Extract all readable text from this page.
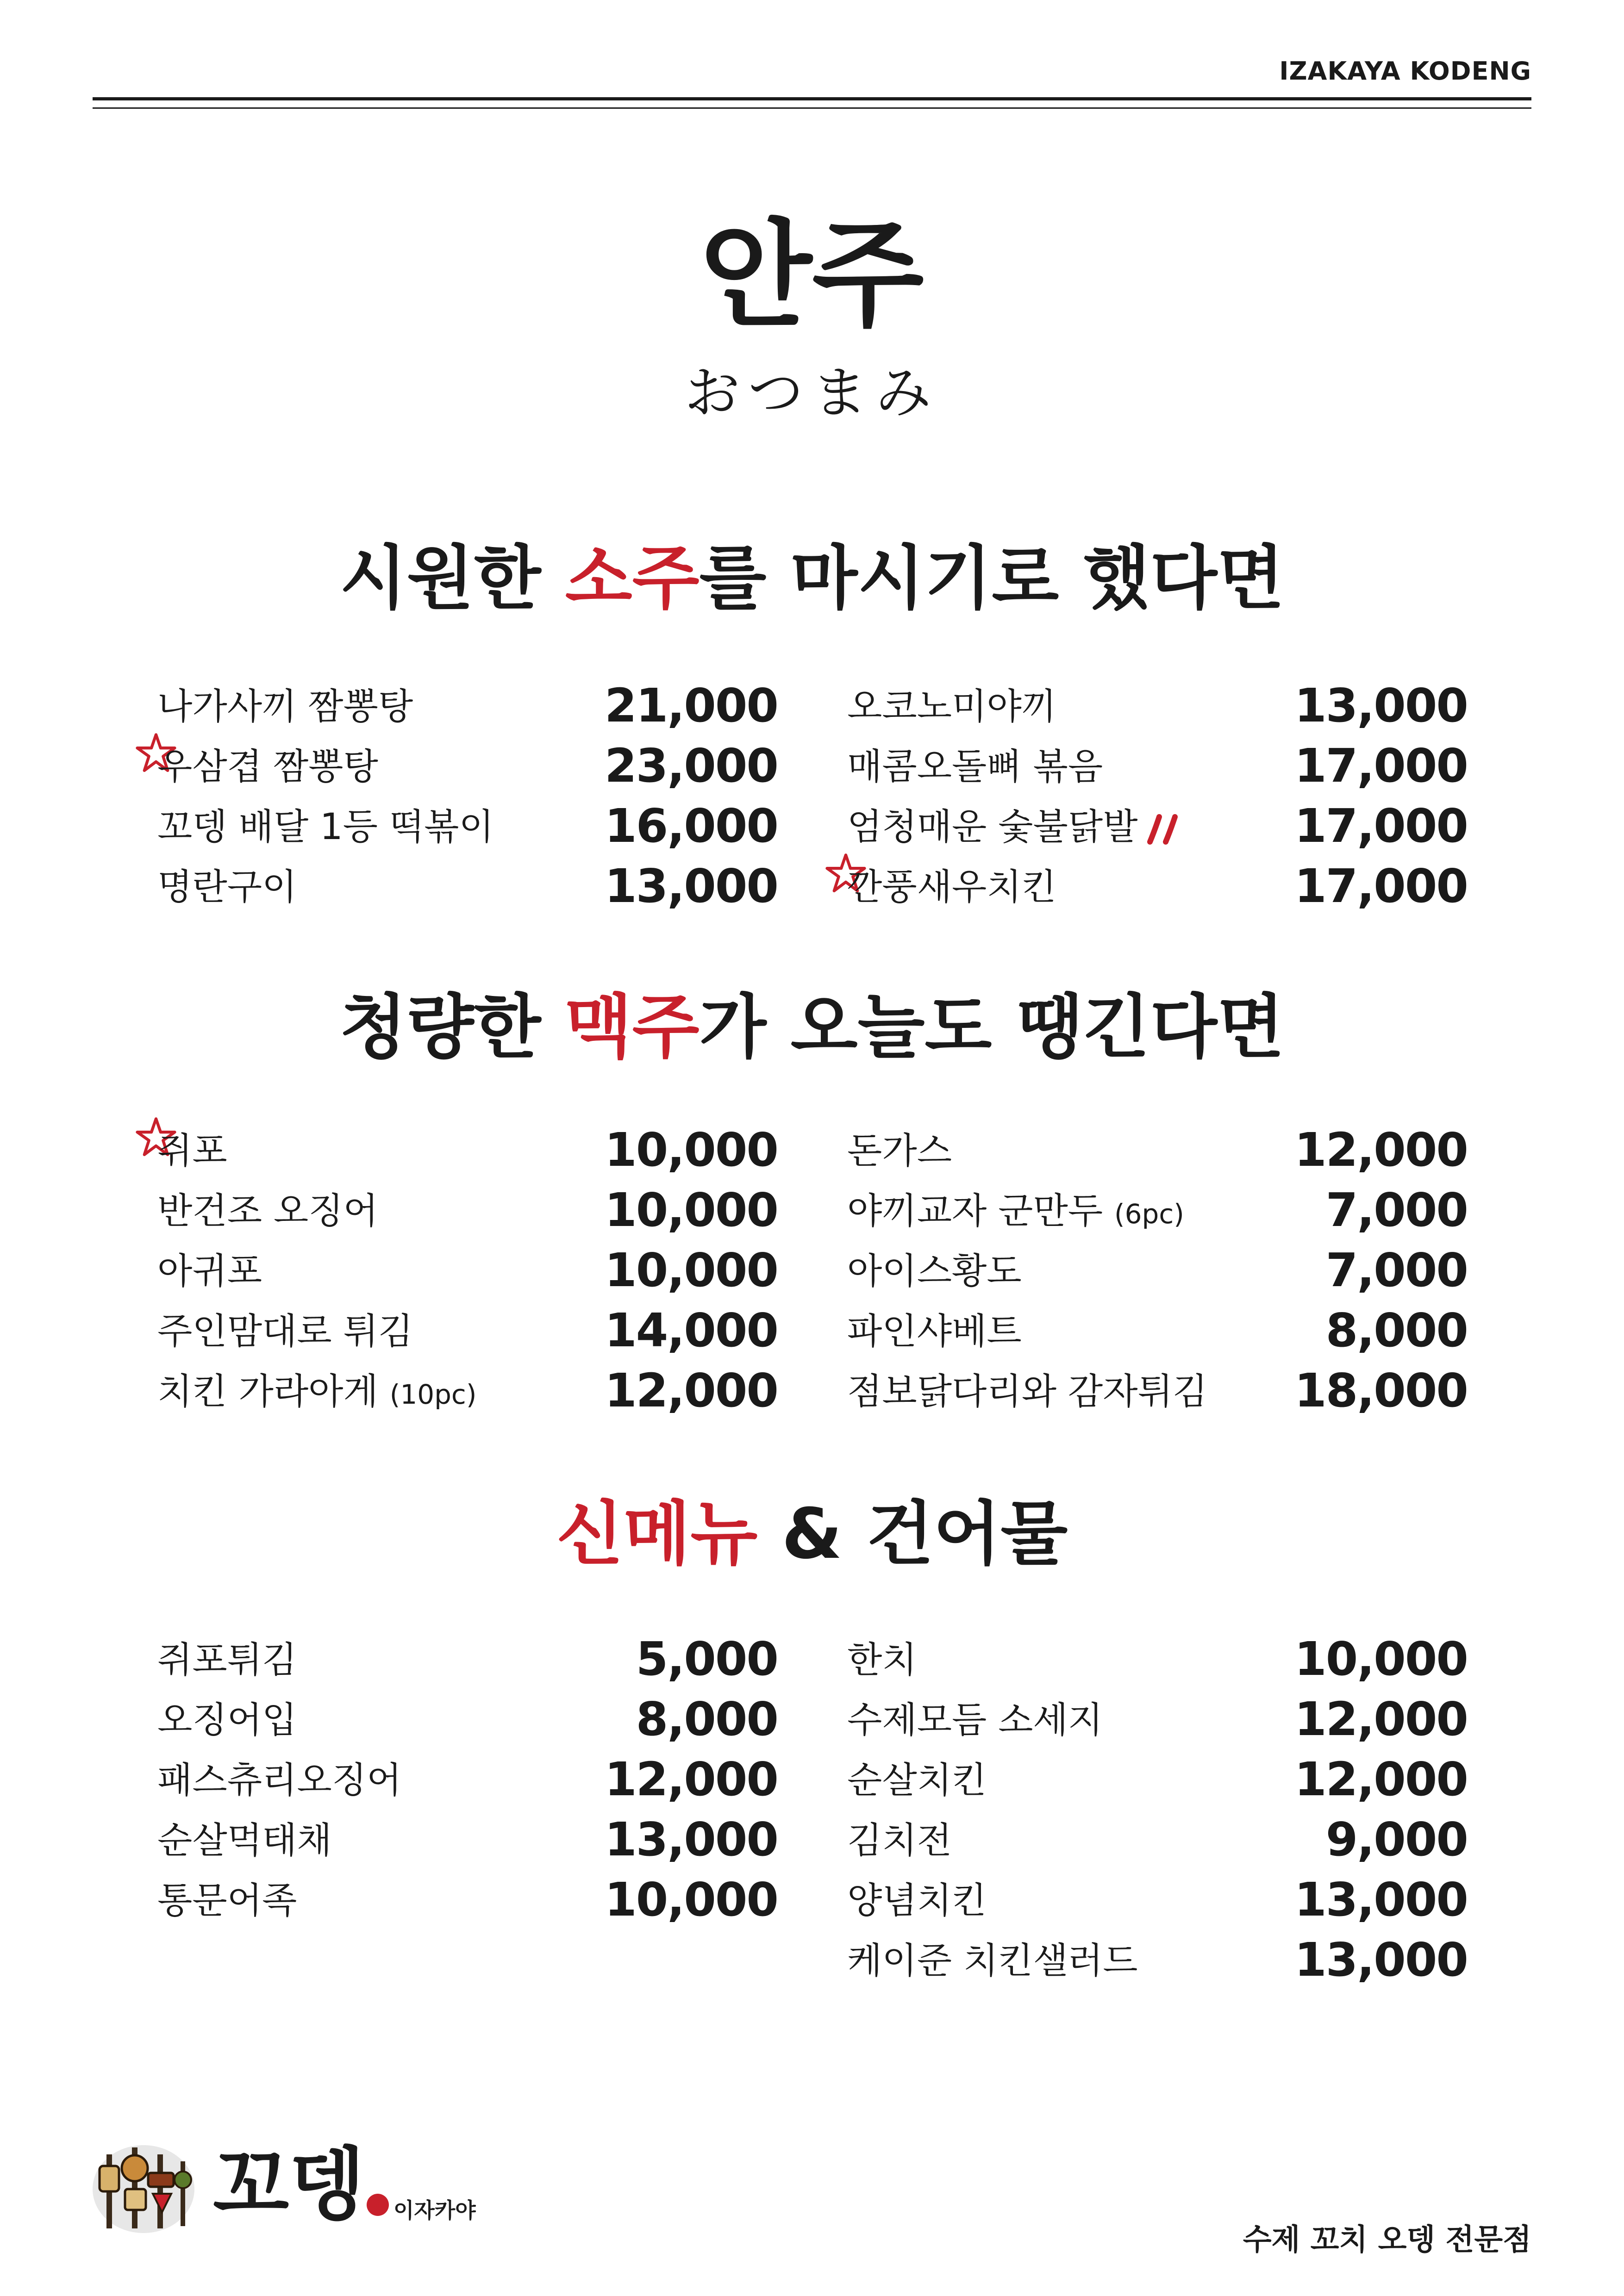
IZAKAYA KODENG
안주
おつまみ
시원한 소주를 마시기로 했다면
나가사끼 짬뽕탕	21,000
우삼겹 짬뽕탕	23,000
꼬뎅 배달 1등 떡볶이 16,000
명란구이	13,000
오코노미야끼	13,000
매콤오돌뼈 볶음	17,000
엄청매운 숯불닭발	17,000
깐풍새우치킨	17,000
청량한 맥주가 오늘도 땡긴다면
쥐포	10,000
반건조 오징어	10,000
아귀포	10,000
주인맘대로 튀김	14,000
치킨 가라아게 (10pc)	12,000
돈가스	12,000
야끼교자 군만두 (6pc)	7,000
아이스황도	7,000
파인샤베트	8,000
점보닭다리와 감자튀김 18,000
신메뉴 & 건어물
쥐포튀김	5,000
오징어입	8,000
패스츄리오징어	12,000
순살먹태채	13,000
통문어족	10,000
한치	10,000
수제모듬 소세지	12,000
순살치킨	12,000
김치전	9,000
양념치킨	13,000
케이준 치킨샐러드	13,000
꼬뎅 이자카야
수제 꼬치 오뎅 전문점
